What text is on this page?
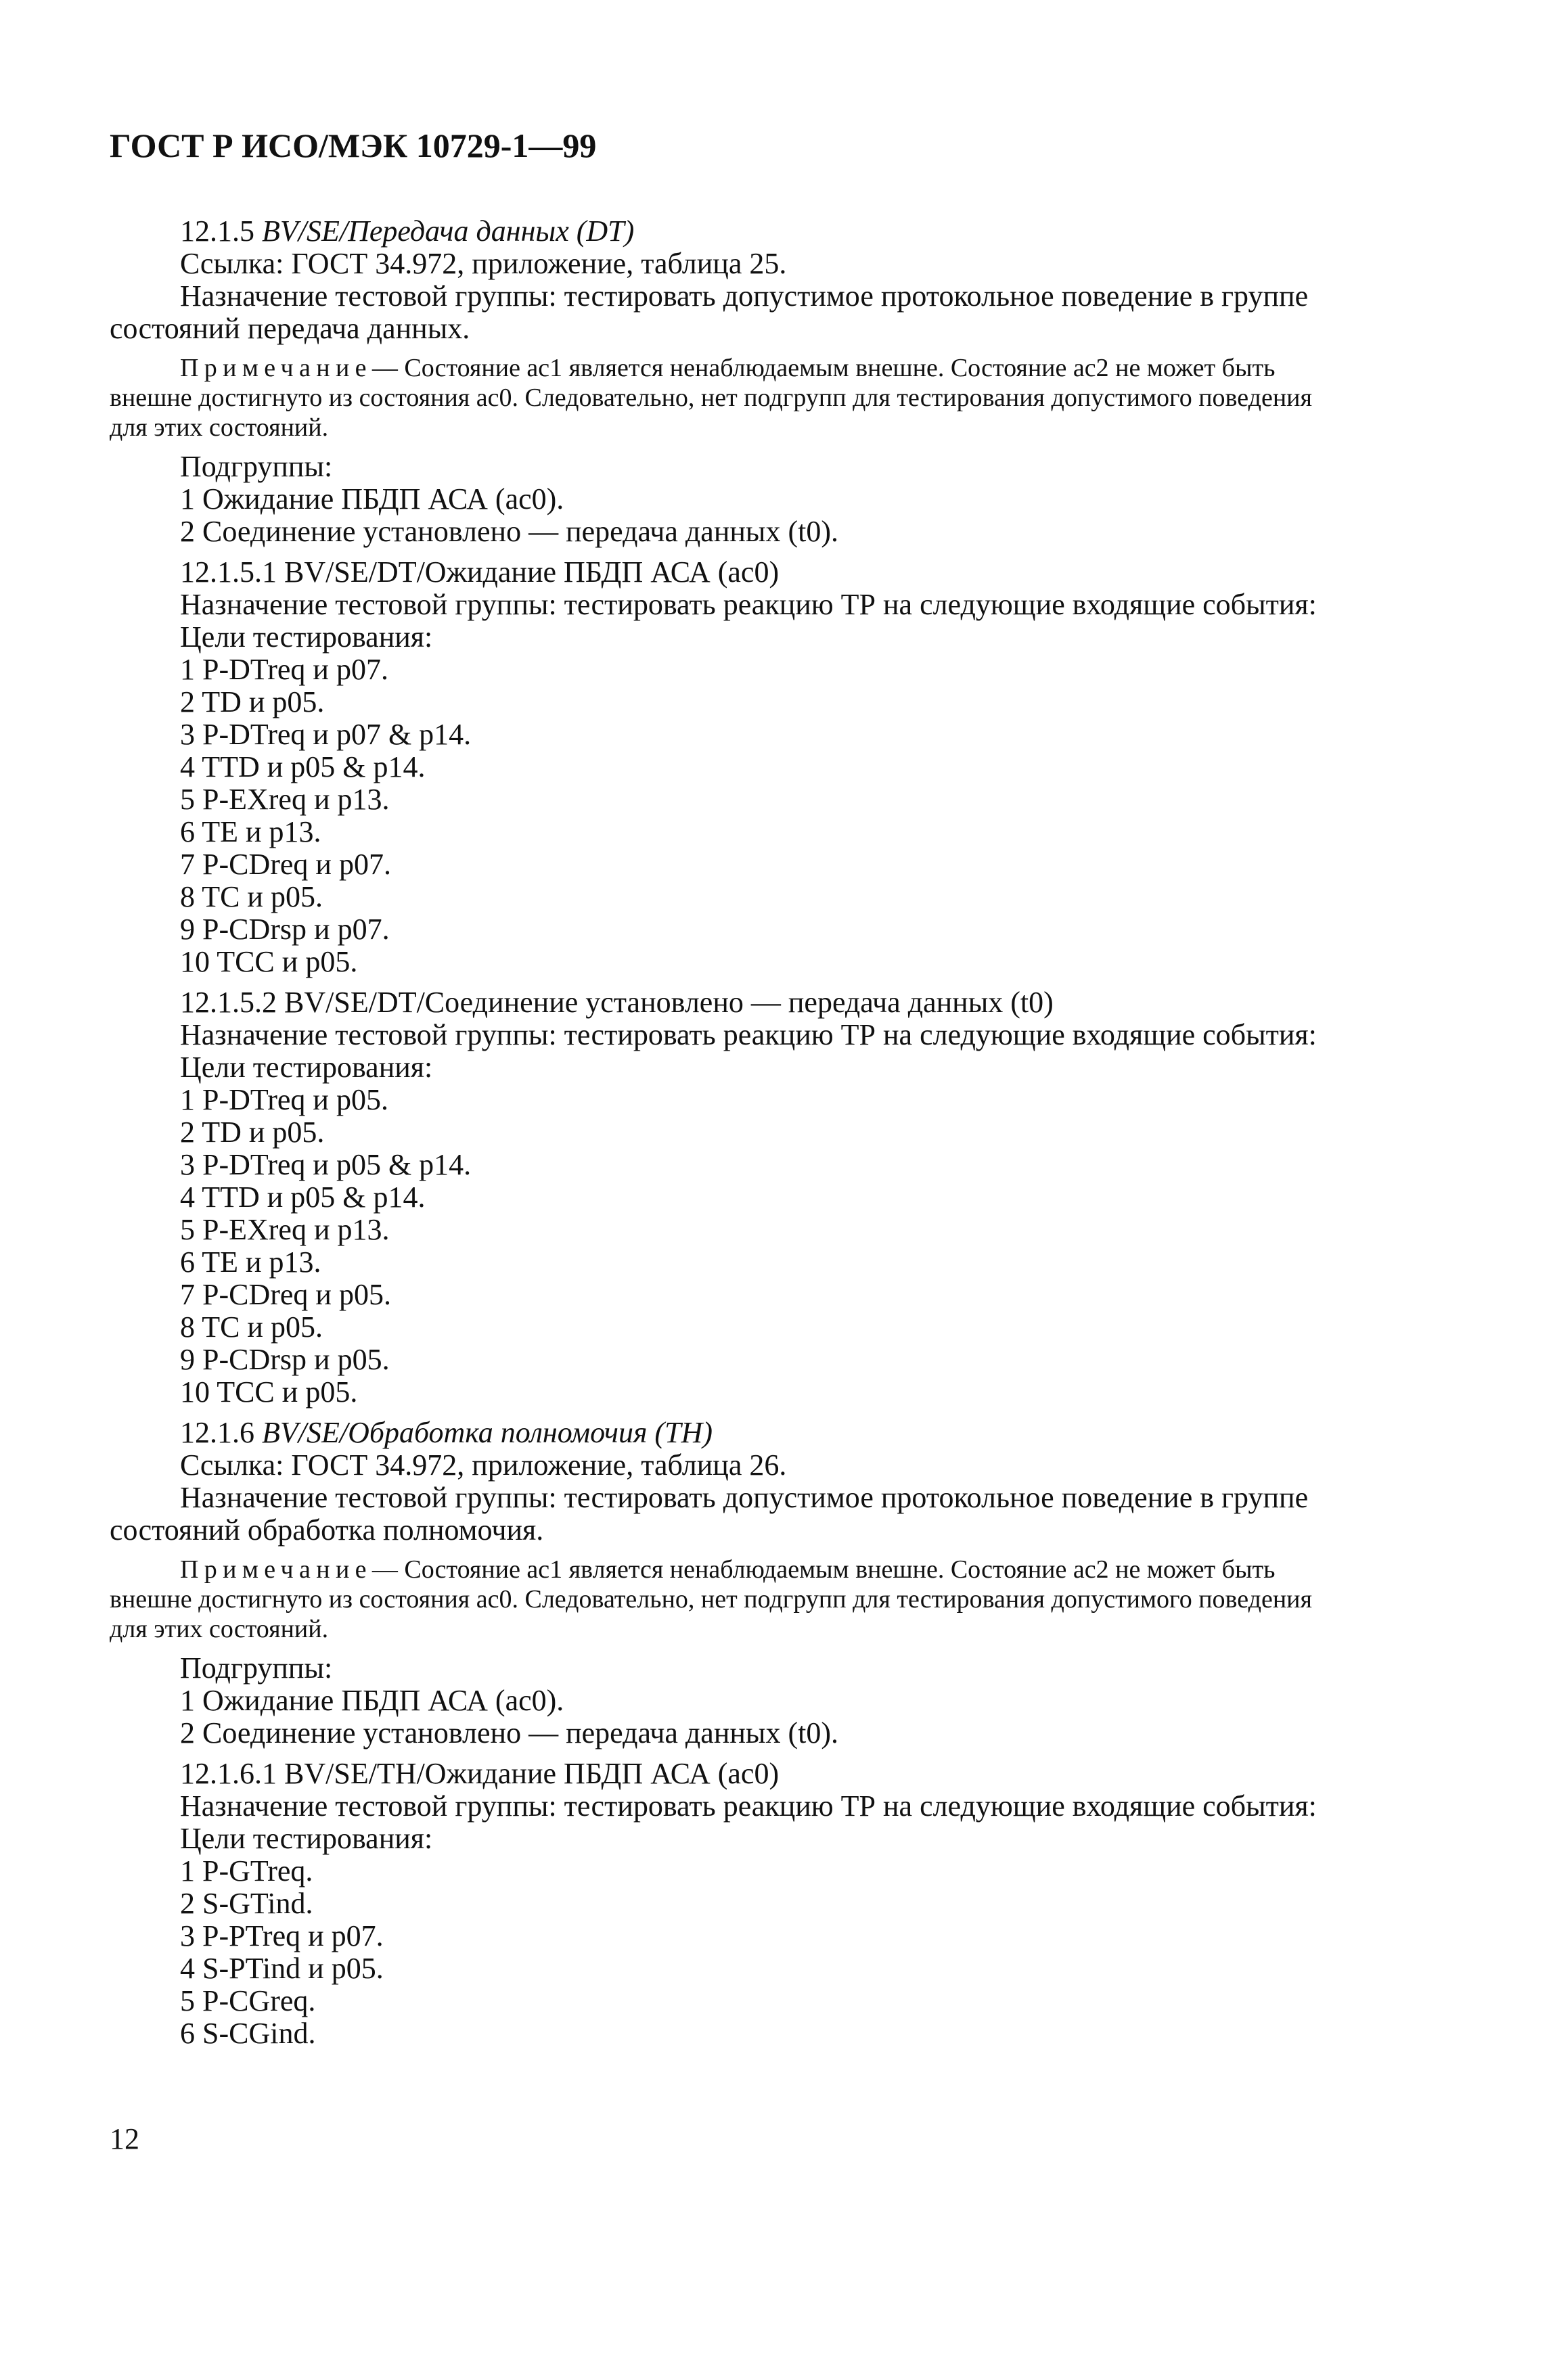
ГОСТ Р ИСО/МЭК 10729-1—99
12.1.5 BV/SE/Передача данных (DT)
Ссылка: ГОСТ 34.972, приложение, таблица 25.
Назначение тестовой группы: тестировать допустимое протокольное поведение в группе
состояний передача данных.
Примечание— Состояние ac1 является ненаблюдаемым внешне. Состояние ac2 не может быть
внешне достигнуто из состояния ac0. Следовательно, нет подгрупп для тестирования допустимого поведения
для этих состояний.
Подгруппы:
1 Ожидание ПБДП АСА (ac0).
2 Соединение установлено — передача данных (t0).
12.1.5.1 BV/SE/DT/Ожидание ПБДП АСА (ac0)
Назначение тестовой группы: тестировать реакцию ТР на следующие входящие события:
Цели тестирования:
1 P-DTreq и p07.
2 TD и p05.
3 P-DTreq и p07 & p14.
4 TTD и p05 & p14.
5 P-EXreq и p13.
6 TE и p13.
7 P-CDreq и p07.
8 TC и p05.
9 P-CDrsp и p07.
10 TCC и p05.
12.1.5.2 BV/SE/DT/Соединение установлено — передача данных (t0)
Назначение тестовой группы: тестировать реакцию ТР на следующие входящие события:
Цели тестирования:
1 P-DTreq и p05.
2 TD и p05.
3 P-DTreq и p05 & p14.
4 TTD и p05 & p14.
5 P-EXreq и p13.
6 TE и p13.
7 P-CDreq и p05.
8 TC и p05.
9 P-CDrsp и p05.
10 TCC и p05.
12.1.6 BV/SE/Обработка полномочия (TH)
Ссылка: ГОСТ 34.972, приложение, таблица 26.
Назначение тестовой группы: тестировать допустимое протокольное поведение в группе
состояний обработка полномочия.
Примечание— Состояние ac1 является ненаблюдаемым внешне. Состояние ac2 не может быть
внешне достигнуто из состояния ac0. Следовательно, нет подгрупп для тестирования допустимого поведения
для этих состояний.
Подгруппы:
1 Ожидание ПБДП АСА (ac0).
2 Соединение установлено — передача данных (t0).
12.1.6.1 BV/SE/TH/Ожидание ПБДП АСА (ac0)
Назначение тестовой группы: тестировать реакцию ТР на следующие входящие события:
Цели тестирования:
1 P-GTreq.
2 S-GTind.
3 P-PTreq и p07.
4 S-PTind и p05.
5 P-CGreq.
6 S-CGind.
12
